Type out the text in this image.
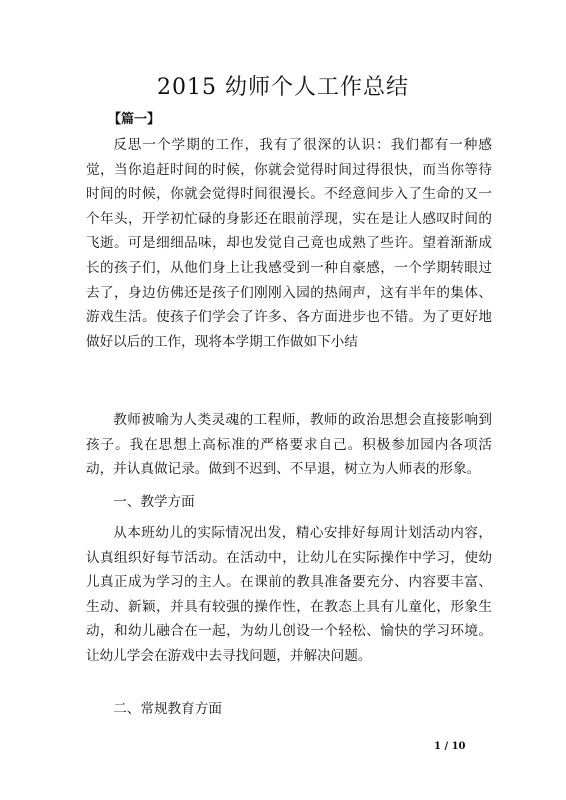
2015 幼师个人工作总结
【篇一】

反思一个学期的工作，我有了很深的认识：我们都有一种感觉，当你追赶时间的时候，你就会觉得时间过得很快，而当你等待时间的时候，你就会觉得时间很漫长。不经意间步入了生命的又一个年头，开学初忙碌的身影还在眼前浮现，实在是让人感叹时间的飞逝。可是细细品味，却也发觉自己竟也成熟了些许。望着渐渐成长的孩子们，从他们身上让我感受到一种自豪感，一个学期转眼过去了，身边仿佛还是孩子们刚刚入园的热闹声，这有半年的集体、游戏生活。使孩子们学会了许多、各方面进步也不错。为了更好地做好以后的工作，现将本学期工作做如下小结

教师被喻为人类灵魂的工程师，教师的政治思想会直接影响到孩子。我在思想上高标准的严格要求自己。积极参加园内各项活动，并认真做记录。做到不迟到、不早退，树立为人师表的形象。

一、教学方面

从本班幼儿的实际情况出发，精心安排好每周计划活动内容，认真组织好每节活动。在活动中，让幼儿在实际操作中学习，使幼儿真正成为学习的主人。在课前的教具准备要充分、内容要丰富、生动、新颖，并具有较强的操作性，在教态上具有儿童化，形象生动，和幼儿融合在一起，为幼儿创设一个轻松、愉快的学习环境。让幼儿学会在游戏中去寻找问题，并解决问题。

二、常规教育方面

1 / 10
